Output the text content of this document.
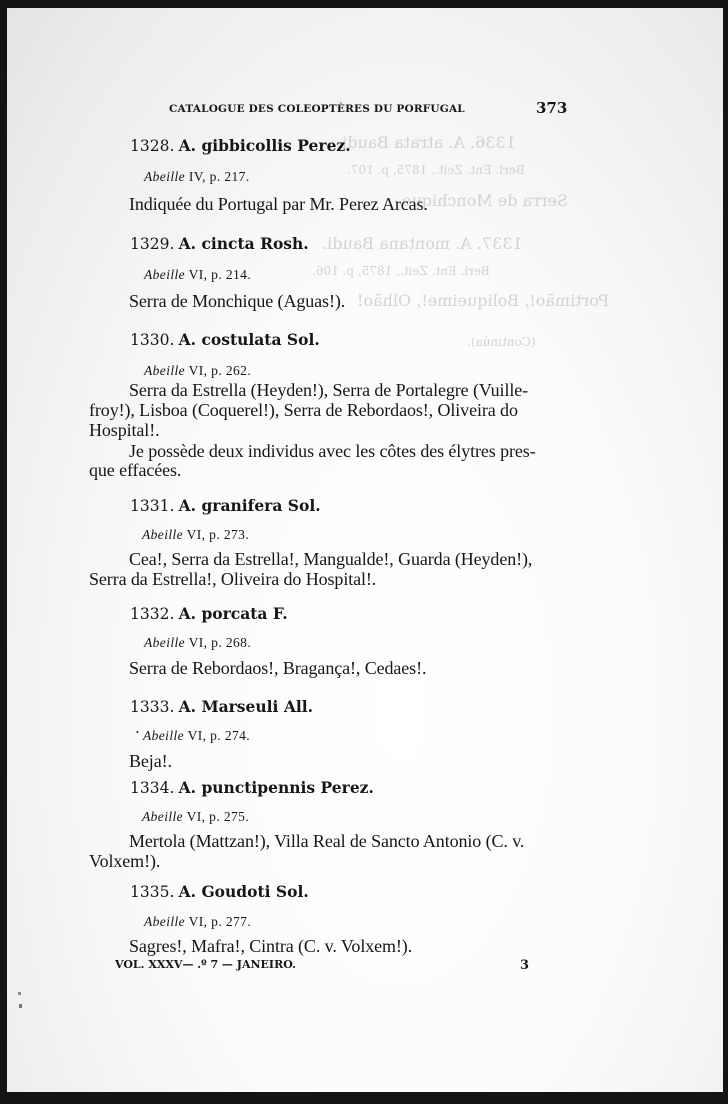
1336. A. atrata Baudi.
Berl. Ent. Zeit., 1875, p. 107.
Serra de Monchique
1337. A. montana Baudi.
Berl. Ent. Zeit., 1875, p. 106.
Portimão!, Boliqueime!, Olhão!
(Continúa).
CATALOGUE DES COLEOPTÈRES DU PORFUGAL	373
1328. A. gibbicollis Perez.
Abeille IV, p. 217.
Indiquée du Portugal par Mr. Perez Arcas.
1329. A. cincta Rosh.
Abeille VI, p. 214.
Serra de Monchique (Aguas!).
1330. A. costulata Sol.
Abeille VI, p. 262.
Serra da Estrella (Heyden!), Serra de Portalegre (Vuille-
froy!), Lisboa (Coquerel!), Serra de Rebordaos!, Oliveira do
Hospital!.
Je possède deux individus avec les côtes des élytres pres-
que effacées.
1331. A. granifera Sol.
Abeille VI, p. 273.
Cea!, Serra da Estrella!, Mangualde!, Guarda (Heyden!),
Serra da Estrella!, Oliveira do Hospital!.
1332. A. porcata F.
Abeille VI, p. 268.
Serra de Rebordaos!, Bragança!, Cedaes!.
1333. A. Marseuli All.
• Abeille VI, p. 274.
Beja!.
1334. A. punctipennis Perez.
Abeille VI, p. 275.
Mertola (Mattzan!), Villa Real de Sancto Antonio (C. v.
Volxem!).
1335. A. Goudoti Sol.
Abeille VI, p. 277.
Sagres!, Mafra!, Cintra (C. v. Volxem!).
VOL. XXXV— .º 7 — JANEIRO.	3
